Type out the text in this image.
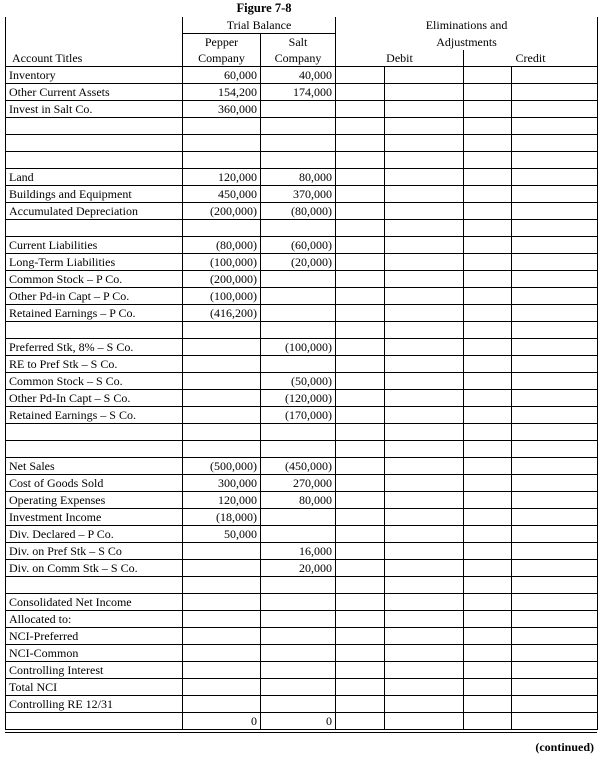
Figure 7-8
	Trial Balance		Eliminations and			
	Pepper	Salt	Adjustments			
Account Titles	Company	Company	Debit		Credit	
Inventory	60,000	40,000				
Other Current Assets	154,200	174,000				
Invest in Salt Co.	360,000					

Land	120,000	80,000				
Buildings and Equipment	450,000	370,000				
Accumulated Depreciation	(200,000)	(80,000)				

Current Liabilities	(80,000)	(60,000)				
Long-Term Liabilities	(100,000)	(20,000)				
Common Stock – P Co.	(200,000)					
Other Pd-in Capt – P Co.	(100,000)					
Retained Earnings – P Co.	(416,200)					

Preferred Stk, 8% – S Co.		(100,000)				
RE to Pref Stk – S Co.						
Common Stock – S Co.		(50,000)				
Other Pd-In Capt – S Co.		(120,000)				
Retained Earnings – S Co.		(170,000)				

Net Sales	(500,000)	(450,000)				
Cost of Goods Sold	300,000	270,000				
Operating Expenses	120,000	80,000				
Investment Income	(18,000)					
Div. Declared – P Co.	50,000					
Div. on Pref Stk – S Co		16,000				
Div. on Comm Stk – S Co.		20,000				

Consolidated Net Income						
Allocated to:						
NCI-Preferred						
NCI-Common						
Controlling Interest						
Total NCI						
Controlling RE 12/31						
	0	0				
(continued)
